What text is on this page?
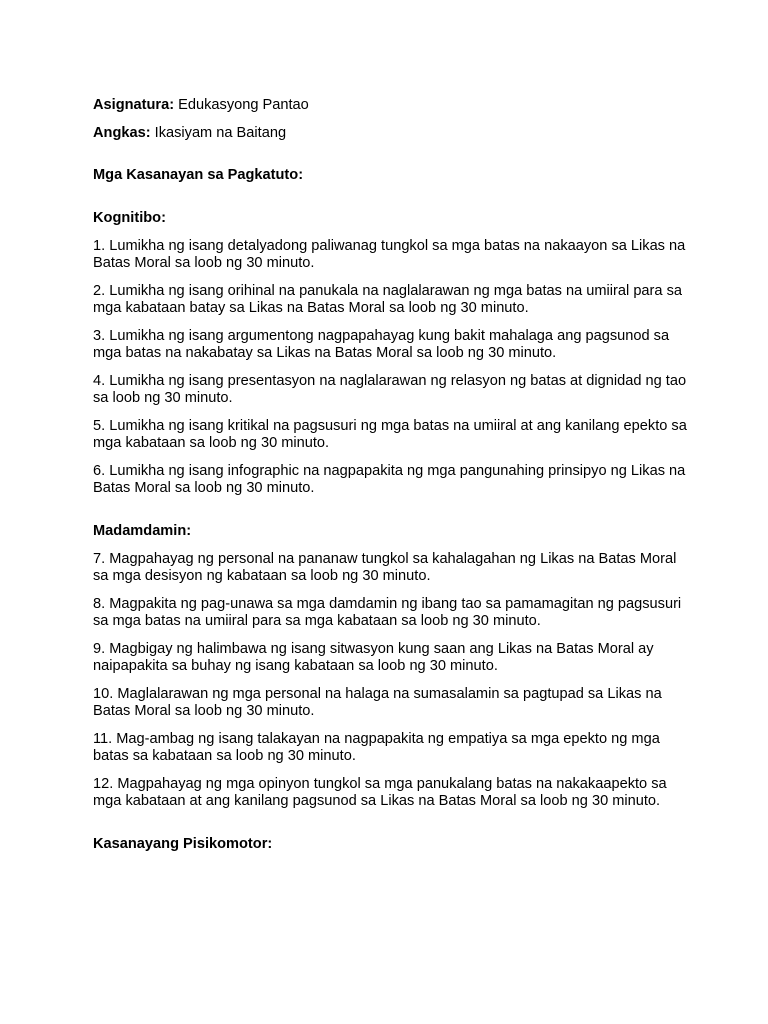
Asignatura: Edukasyong Pantao

Angkas: Ikasiyam na Baitang

Mga Kasanayan sa Pagkatuto:

Kognitibo:

1. Lumikha ng isang detalyadong paliwanag tungkol sa mga batas na nakaayon sa Likas na Batas Moral sa loob ng 30 minuto.

2. Lumikha ng isang orihinal na panukala na naglalarawan ng mga batas na umiiral para sa mga kabataan batay sa Likas na Batas Moral sa loob ng 30 minuto.

3. Lumikha ng isang argumentong nagpapahayag kung bakit mahalaga ang pagsunod sa mga batas na nakabatay sa Likas na Batas Moral sa loob ng 30 minuto.

4. Lumikha ng isang presentasyon na naglalarawan ng relasyon ng batas at dignidad ng tao sa loob ng 30 minuto.

5. Lumikha ng isang kritikal na pagsusuri ng mga batas na umiiral at ang kanilang epekto sa mga kabataan sa loob ng 30 minuto.

6. Lumikha ng isang infographic na nagpapakita ng mga pangunahing prinsipyo ng Likas na Batas Moral sa loob ng 30 minuto.

Madamdamin:

7. Magpahayag ng personal na pananaw tungkol sa kahalagahan ng Likas na Batas Moral sa mga desisyon ng kabataan sa loob ng 30 minuto.

8. Magpakita ng pag-unawa sa mga damdamin ng ibang tao sa pamamagitan ng pagsusuri sa mga batas na umiiral para sa mga kabataan sa loob ng 30 minuto.

9. Magbigay ng halimbawa ng isang sitwasyon kung saan ang Likas na Batas Moral ay naipapakita sa buhay ng isang kabataan sa loob ng 30 minuto.

10. Maglalarawan ng mga personal na halaga na sumasalamin sa pagtupad sa Likas na Batas Moral sa loob ng 30 minuto.

11. Mag-ambag ng isang talakayan na nagpapakita ng empatiya sa mga epekto ng mga batas sa kabataan sa loob ng 30 minuto.

12. Magpahayag ng mga opinyon tungkol sa mga panukalang batas na nakakaapekto sa mga kabataan at ang kanilang pagsunod sa Likas na Batas Moral sa loob ng 30 minuto.

Kasanayang Pisikomotor:
